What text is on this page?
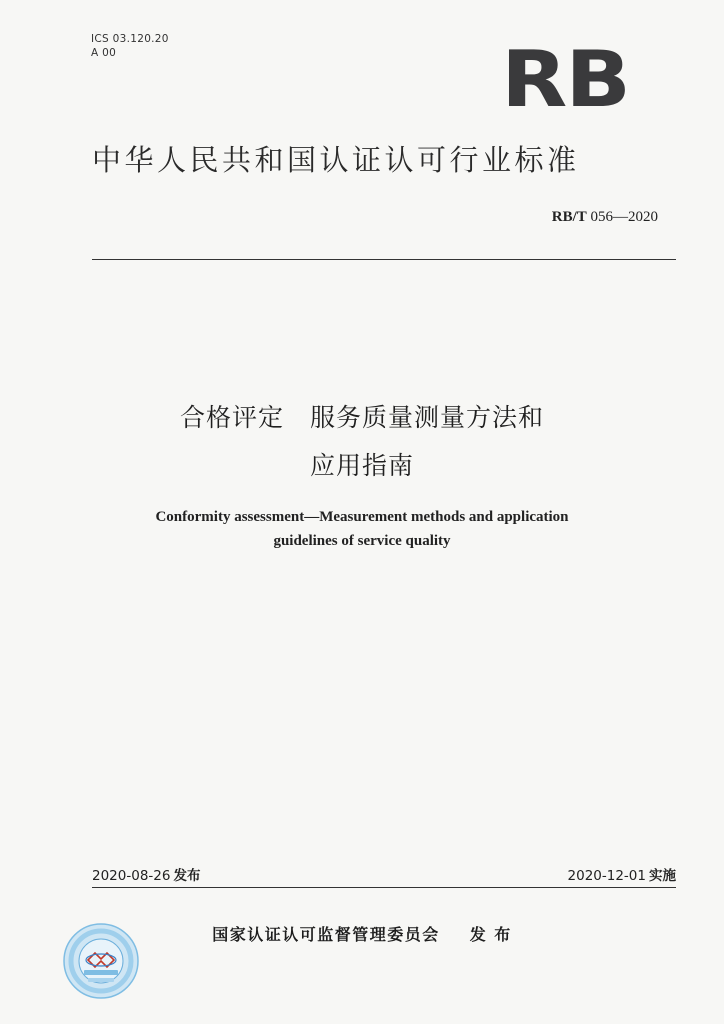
ICS 03.120.20
A 00	RB
中华人民共和国认证认可行业标准
RB/T 056—2020
合格评定 服务质量测量方法和
应用指南
Conformity assessment—Measurement methods and application
guidelines of service quality
2020-08-26 发布	2020-12-01 实施
国家认证认可监督管理委员会 发 布
